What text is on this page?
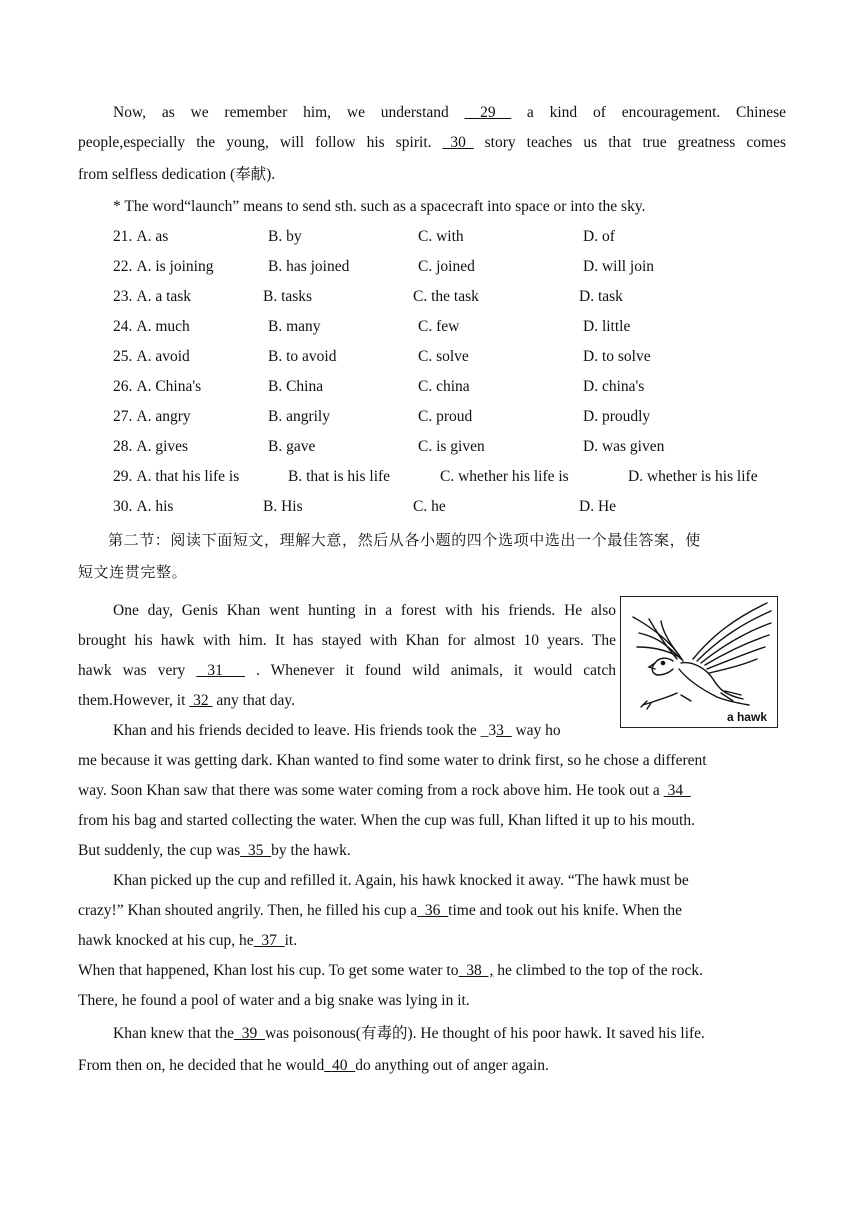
Now, as we remember him, we understand __29__ a kind of encouragement. Chinese

people,especially the young, will follow his spirit. _30_ story teaches us that true greatness comes

from selfless dedication (奉献).

* The word“launch” means to send sth. such as a spacecraft into space or into the sky.

21. A. as	B. by	C. with	D. of
22. A. is joining	B. has joined	C. joined	D. will join
23. A. a task	B. tasks	C. the task	D. task
24. A. much	B. many	C. few	D. little
25. A. avoid	B. to avoid	C. solve	D. to solve
26. A. China's	B. China	C. china	D. china's
27. A. angry	B. angrily	C. proud	D. proudly
28. A. gives	B. gave	C. is given	D. was given
29. A. that his life is	B. that is his life	C. whether his life is	D. whether is his life
30. A. his	B. His	C. he	D. He

第二节：阅读下面短文，理解大意，然后从各小题的四个选项中选出一个最佳答案，使

短文连贯完整。

a hawk

One day, Genis Khan went hunting in a forest with his friends. He also

brought his hawk with him. It has stayed with Khan for almost 10 years. The

hawk was very  31   . Whenever it found wild animals, it would catch

them.However, it  32  any that day.

Khan and his friends decided to leave. His friends took the _33_ way ho

me because it was getting dark. Khan wanted to find some water to drink first, so he chose a different

way. Soon Khan saw that there was some water coming from a rock above him. He took out a  34

from his bag and started collecting the water. When the cup was full, Khan lifted it up to his mouth.

But suddenly, the cup was  35  by the hawk.

Khan picked up the cup and refilled it. Again, his hawk knocked it away. “The hawk must be

crazy!” Khan shouted angrily. Then, he filled his cup a  36  time and took out his knife. When the

hawk knocked at his cup, he  37  it.

When that happened, Khan lost his cup. To get some water to  38  , he climbed to the top of the rock.

There, he found a pool of water and a big snake was lying in it.

Khan knew that the  39  was poisonous(有毒的). He thought of his poor hawk. It saved his life.

From then on, he decided that he would  40  do anything out of anger again.
